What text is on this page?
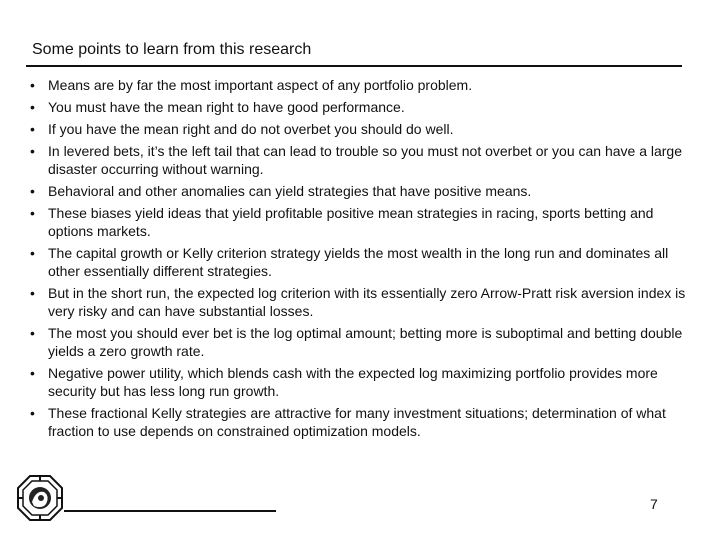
Some points to learn from this research
• Means are by far the most important aspect of any portfolio problem.
• You must have the mean right to have good performance.
• If you have the mean right and do not overbet you should do well.
• In levered bets, it’s the left tail that can lead to trouble so you must not overbet or you can have a large disaster occurring without warning.
• Behavioral and other anomalies can yield strategies that have positive means.
• These biases yield ideas that yield profitable positive mean strategies in racing, sports betting and options markets.
• The capital growth or Kelly criterion strategy yields the most wealth in the long run and dominates all other essentially different strategies.
• But in the short run, the expected log criterion with its essentially zero Arrow-Pratt risk aversion index is very risky and can have substantial losses.
• The most you should ever bet is the log optimal amount; betting more is suboptimal and betting double yields a zero growth rate.
• Negative power utility, which blends cash with the expected log maximizing portfolio provides more security but has less long run growth.
• These fractional Kelly strategies are attractive for many investment situations; determination of what fraction to use depends on constrained optimization models.
7
